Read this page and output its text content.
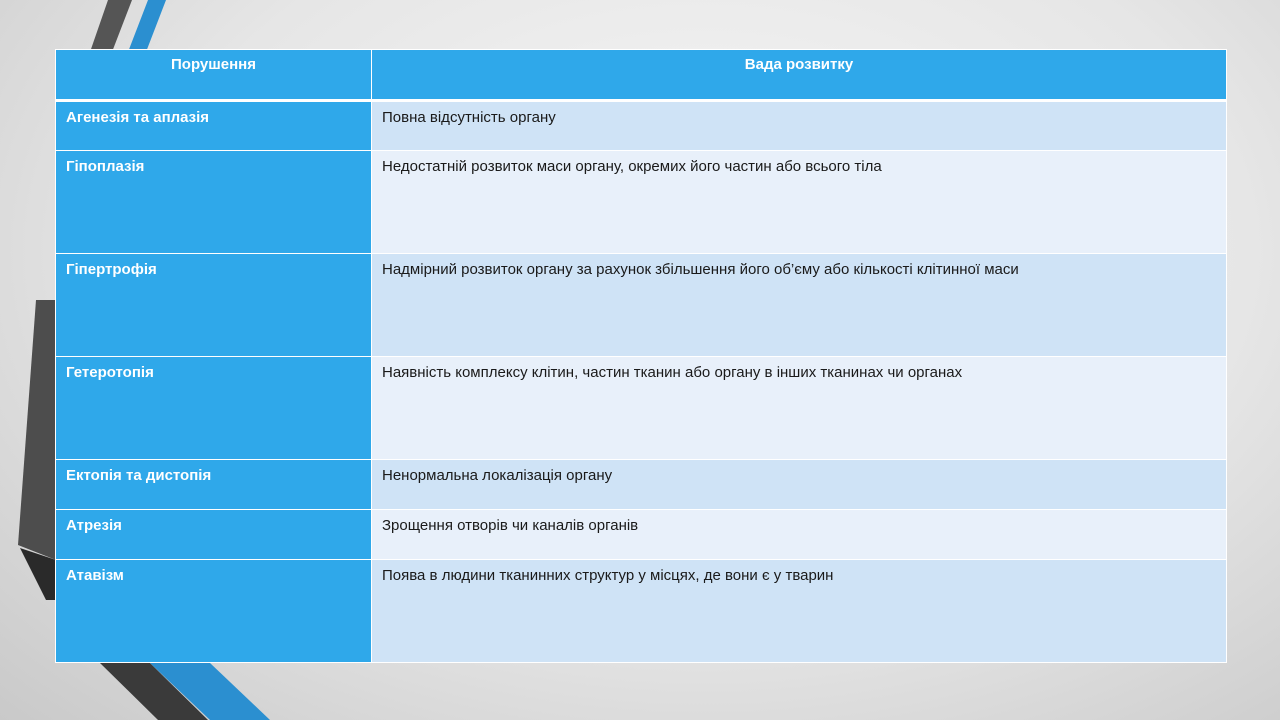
Порушення	Вада розвитку
Агенезія та аплазія	Повна відсутність органу
Гіпоплазія	Недостатній розвиток маси органу, окремих його частин або всього тіла
Гіпертрофія	Надмірний розвиток органу за рахунок збільшення його об’єму або кількості клітинної маси
Гетеротопія	Наявність комплексу клітин, частин тканин або органу в інших тканинах чи органах
Ектопія та дистопія	Ненормальна локалізація органу
Атрезія	Зрощення отворів чи каналів органів
Атавізм	Поява в людини тканинних структур у місцях, де вони є у тварин
